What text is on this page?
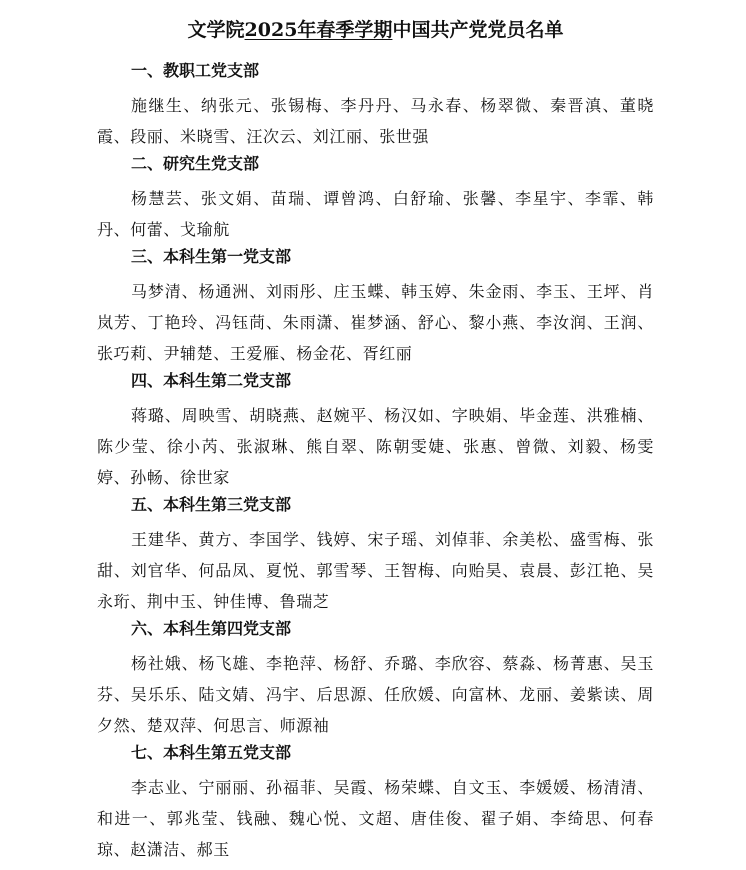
文学院2025年春季学期中国共产党党员名单
一、教职工党支部
施继生、纳张元、张锡梅、李丹丹、马永春、杨翠微、秦晋滇、董晓霞、段丽、米晓雪、汪次云、刘江丽、张世强
二、研究生党支部
杨慧芸、张文娟、苗瑞、谭曾鸿、白舒瑜、张馨、李星宇、李霏、韩丹、何蕾、戈瑜航
三、本科生第一党支部
马梦清、杨通洲、刘雨彤、庄玉蝶、韩玉婷、朱金雨、李玉、王坪、肖岚芳、丁艳玲、冯钰茼、朱雨潇、崔梦涵、舒心、黎小燕、李汝润、王润、张巧莉、尹辅楚、王爱雁、杨金花、胥红丽
四、本科生第二党支部
蒋璐、周映雪、胡晓燕、赵婉平、杨汉如、字映娟、毕金莲、洪雅楠、陈少莹、徐小芮、张淑琳、熊自翠、陈朝雯婕、张惠、曾微、刘毅、杨雯婷、孙畅、徐世家
五、本科生第三党支部
王建华、黄方、李国学、钱婷、宋子瑶、刘倬菲、余美松、盛雪梅、张甜、刘官华、何品凤、夏悦、郭雪琴、王智梅、向贻昊、袁晨、彭江艳、吴永珩、荆中玉、钟佳博、鲁瑞芝
六、本科生第四党支部
杨社娥、杨飞雄、李艳萍、杨舒、乔璐、李欣容、蔡淼、杨菁惠、吴玉芬、吴乐乐、陆文婧、冯宇、后思源、任欣媛、向富林、龙丽、姜紫读、周夕然、楚双萍、何思言、师源袖
七、本科生第五党支部
李志业、宁丽丽、孙福菲、吴霞、杨荣蝶、自文玉、李媛媛、杨清清、和进一、郭兆莹、钱融、魏心悦、文超、唐佳俊、翟子娟、李绮思、何春琼、赵潇洁、郝玉
